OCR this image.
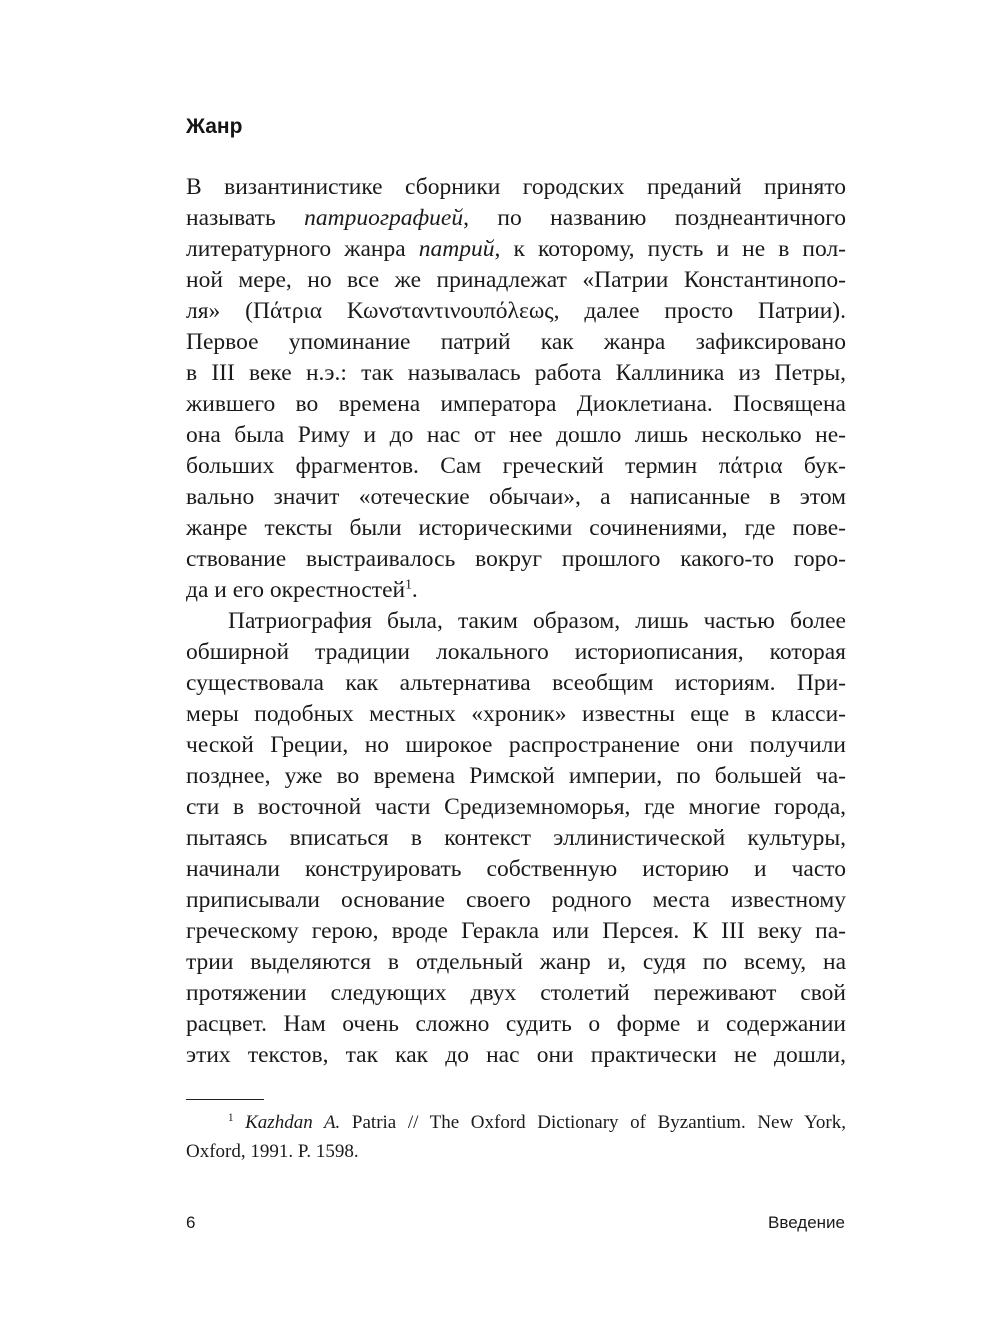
Жанр
В византинистике сборники городских преданий принято
называть патриографией, по названию позднеантичного
литературного жанра патрий, к которому, пусть и не в пол-
ной мере, но все же принадлежат «Патрии Константинопо-
ля» (Πάτρια Κωνσταντινουπόλεως, далее просто Патрии).
Первое упоминание патрий как жанра зафиксировано
в III веке н.э.: так называлась работа Каллиника из Петры,
жившего во времена императора Диоклетиана. Посвящена
она была Риму и до нас от нее дошло лишь несколько не-
больших фрагментов. Сам греческий термин πάτρια бук-
вально значит «отеческие обычаи», а написанные в этом
жанре тексты были историческими сочинениями, где пове-
ствование выстраивалось вокруг прошлого какого-то горо-
да и его окрестностей$^1$.
Патриография была, таким образом, лишь частью более
обширной традиции локального историописания, которая
существовала как альтернатива всеобщим историям. При-
меры подобных местных «хроник» известны еще в класси-
ческой Греции, но широкое распространение они получили
позднее, уже во времена Римской империи, по большей ча-
сти в восточной части Средиземноморья, где многие города,
пытаясь вписаться в контекст эллинистической культуры,
начинали конструировать собственную историю и часто
приписывали основание своего родного места известному
греческому герою, вроде Геракла или Персея. К III веку па-
трии выделяются в отдельный жанр и, судя по всему, на
протяжении следующих двух столетий переживают свой
расцвет. Нам очень сложно судить о форме и содержании
этих текстов, так как до нас они практически не дошли,
$^1$ Kazhdan A. Patria // The Oxford Dictionary of Byzantium. New York,
Oxford, 1991. P. 1598.
6	Введение
